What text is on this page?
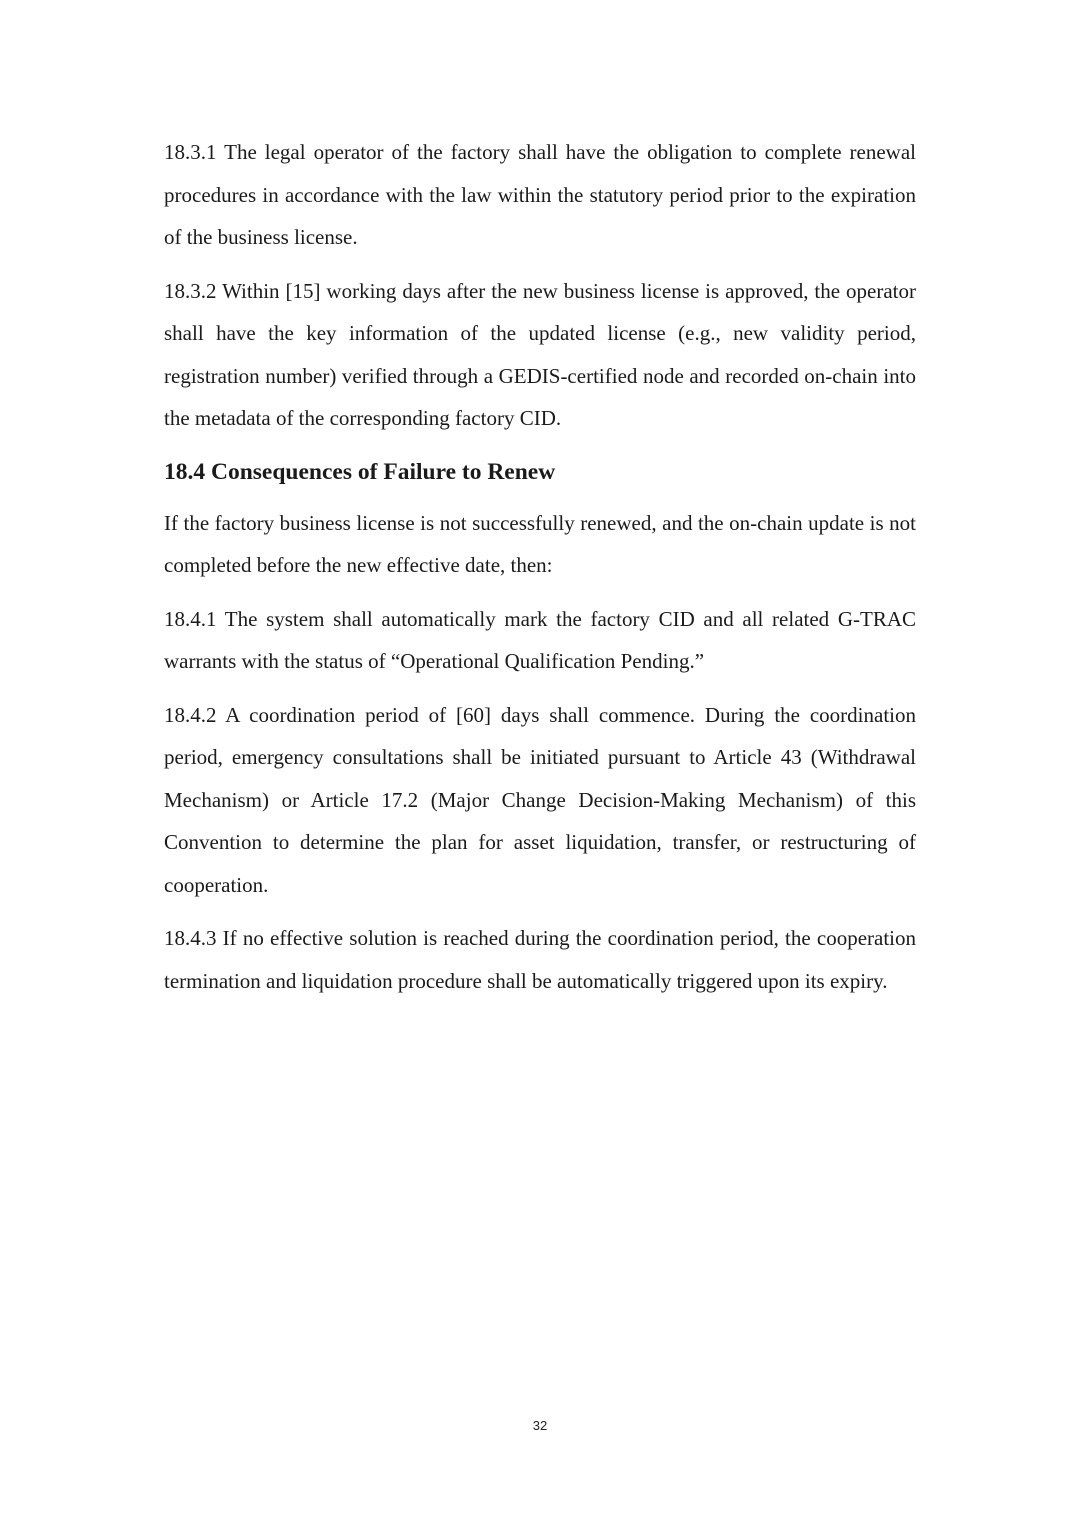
18.3.1 The legal operator of the factory shall have the obligation to complete renewal procedures in accordance with the law within the statutory period prior to the expiration of the business license.

18.3.2 Within [15] working days after the new business license is approved, the operator shall have the key information of the updated license (e.g., new validity period, registration number) verified through a GEDIS-certified node and recorded on-chain into the metadata of the corresponding factory CID.

18.4 Consequences of Failure to Renew

If the factory business license is not successfully renewed, and the on-chain update is not completed before the new effective date, then:

18.4.1 The system shall automatically mark the factory CID and all related G-TRAC warrants with the status of “Operational Qualification Pending.”

18.4.2 A coordination period of [60] days shall commence. During the coordination period, emergency consultations shall be initiated pursuant to Article 43 (Withdrawal Mechanism) or Article 17.2 (Major Change Decision-Making Mechanism) of this Convention to determine the plan for asset liquidation, transfer, or restructuring of cooperation.

18.4.3 If no effective solution is reached during the coordination period, the cooperation termination and liquidation procedure shall be automatically triggered upon its expiry.

32
